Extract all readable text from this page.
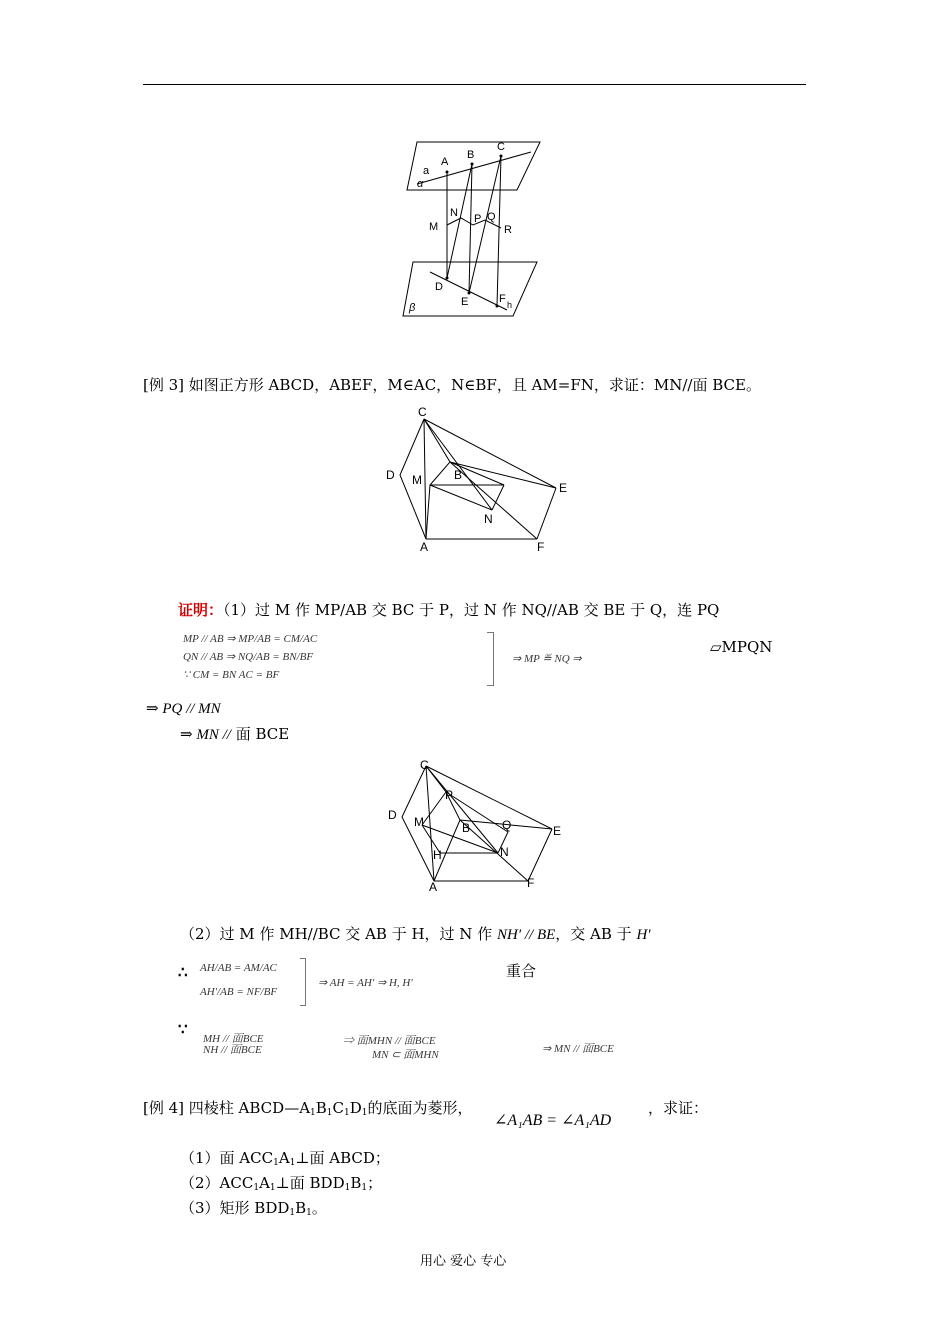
a
A
B
C
α
M
N P Q
R
D
E	F h
β
[例 3] 如图正方形 ABCD，ABEF，M∈AC，N∈BF，且 AM=FN，求证：MN//面 BCE。
C
D M	B
E
N
A	F
证明：（1）过 M 作 MP/AB 交 BC 于 P，过 N 作 NQ//AB 交 BE 于 Q，连 PQ
MP // AB ⇒ MP/AB = CM/AC
QN // AB ⇒ NQ/AB = BN/BF
∵ CM = BN AC = BF
⇒ MP ≝ NQ ⇒
▱MPQN
⇒ PQ // MN
⇒ MN // 面 BCE
C
P
D M	B	Q	E
H	N
A	F
（2）过 M 作 MH//BC 交 AB 于 H，过 N 作 NH′ // BE，交 AB 于 H′
∴ AH/AB = AM/AC
AH′/AB = NF/BF
⇒ AH = AH′ ⇒ H, H′
重合
∵
MH // 面BCE
NH // 面BCE
⇒ 面MHN // 面BCE
MN ⊂ 面MHN	⇒ MN // 面BCE
[例 4] 四棱柱 $ABCD—A_1B_1C_1D_1$的底面为菱形，
∠A₁AB = ∠A₁AD
，求证：
（1）面 $ACC_1A_1\perp$面 ABCD；
$(2)ACC_1A_1\perp$面 $BDD_1B_1$；
（3）矩形 $BDD_1B_1$。
用心 爱心 专心
